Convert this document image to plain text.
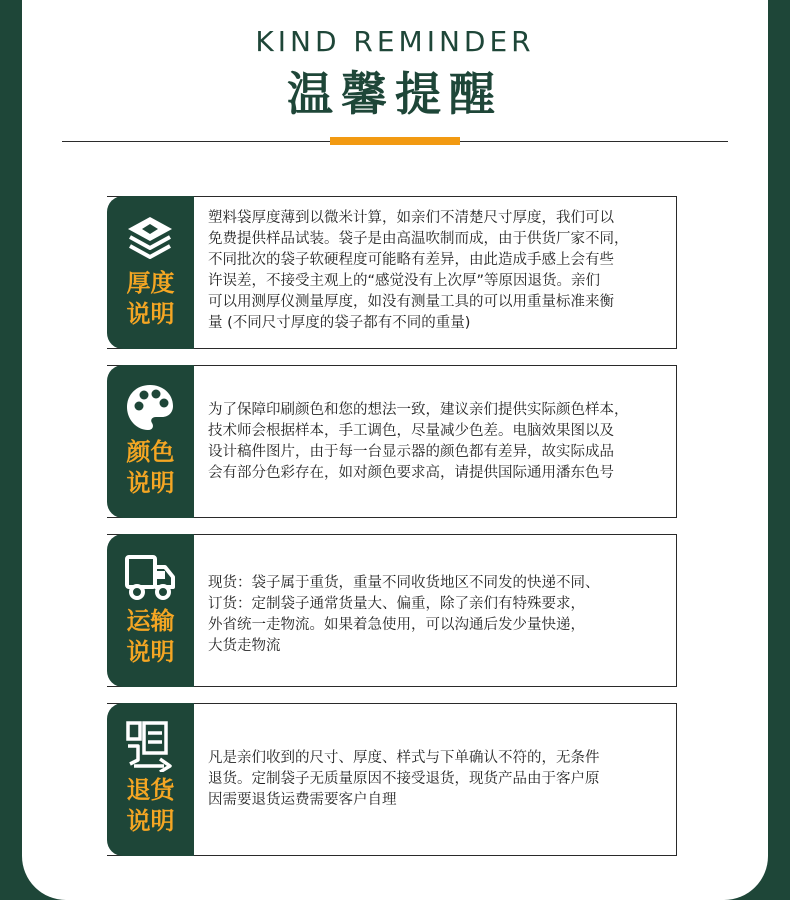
KIND REMINDER
温馨提醒
厚度
说明
塑料袋厚度薄到以微米计算，如亲们不清楚尺寸厚度，我们可以
免费提供样品试装。袋子是由高温吹制而成，由于供货厂家不同，
不同批次的袋子软硬程度可能略有差异，由此造成手感上会有些
许误差，不接受主观上的“感觉没有上次厚”等原因退货。亲们
可以用测厚仪测量厚度，如没有测量工具的可以用重量标准来衡
量 (不同尺寸厚度的袋子都有不同的重量)
颜色
说明
为了保障印刷颜色和您的想法一致，建议亲们提供实际颜色样本，
技术师会根据样本，手工调色，尽量减少色差。电脑效果图以及
设计稿件图片，由于每一台显示器的颜色都有差异，故实际成品
会有部分色彩存在，如对颜色要求高，请提供国际通用潘东色号
运输
说明
现货：袋子属于重货，重量不同收货地区不同发的快递不同、
订货：定制袋子通常货量大、偏重，除了亲们有特殊要求，
外省统一走物流。如果着急使用，可以沟通后发少量快递，
大货走物流
退货
说明
凡是亲们收到的尺寸、厚度、样式与下单确认不符的，无条件
退货。定制袋子无质量原因不接受退货，现货产品由于客户原
因需要退货运费需要客户自理
